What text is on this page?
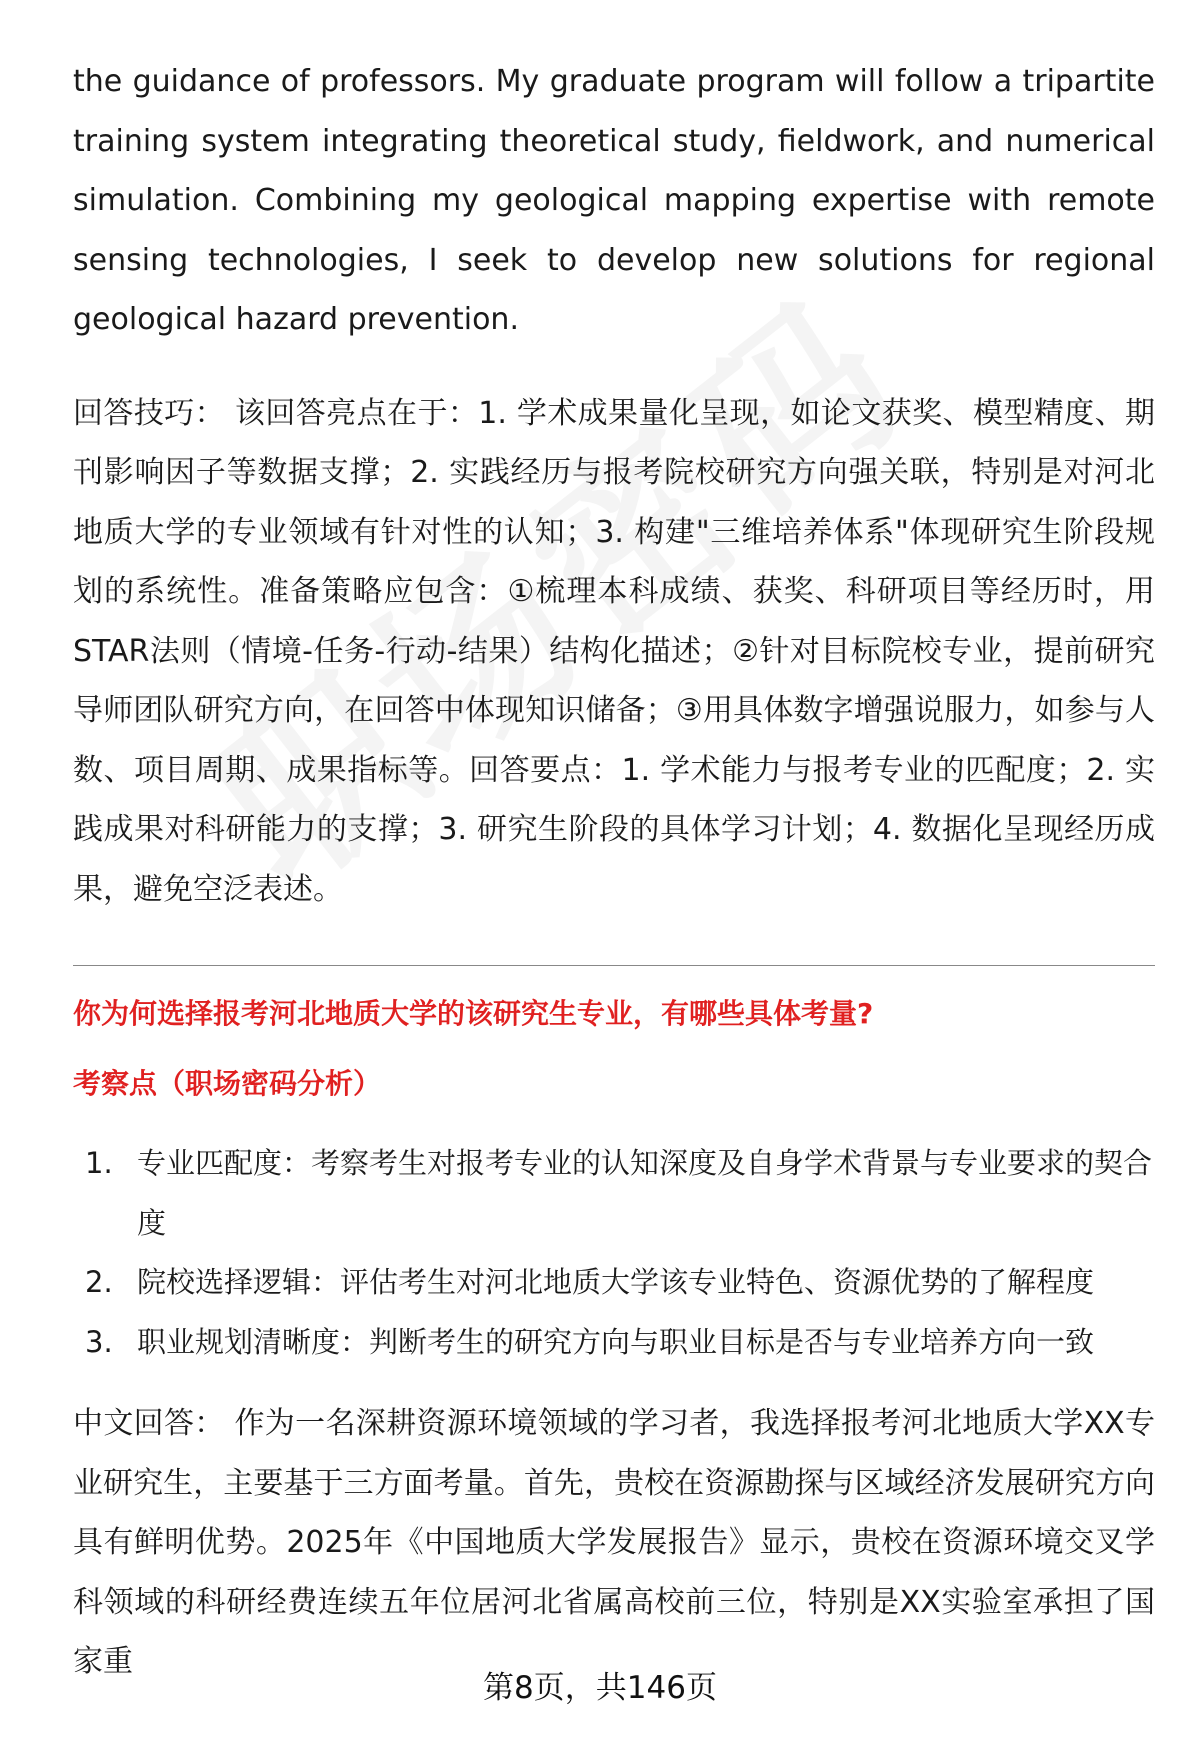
the guidance of professors. My graduate program will follow a tripartite training system integrating theoretical study, fieldwork, and numerical simulation. Combining my geological mapping expertise with remote sensing technologies, I seek to develop new solutions for regional geological hazard prevention.

回答技巧： 该回答亮点在于：1. 学术成果量化呈现，如论文获奖、模型精度、期刊影响因子等数据支撑；2. 实践经历与报考院校研究方向强关联，特别是对河北地质大学的专业领域有针对性的认知；3. 构建"三维培养体系"体现研究生阶段规划的系统性。准备策略应包含：①梳理本科成绩、获奖、科研项目等经历时，用STAR法则（情境-任务-行动-结果）结构化描述；②针对目标院校专业，提前研究导师团队研究方向，在回答中体现知识储备；③用具体数字增强说服力，如参与人数、项目周期、成果指标等。回答要点：1. 学术能力与报考专业的匹配度；2. 实践成果对科研能力的支撑；3. 研究生阶段的具体学习计划；4. 数据化呈现经历成果，避免空泛表述。

你为何选择报考河北地质大学的该研究生专业，有哪些具体考量?

考察点（职场密码分析）

1. 专业匹配度：考察考生对报考专业的认知深度及自身学术背景与专业要求的契合度
2. 院校选择逻辑：评估考生对河北地质大学该专业特色、资源优势的了解程度
3. 职业规划清晰度：判断考生的研究方向与职业目标是否与专业培养方向一致

中文回答： 作为一名深耕资源环境领域的学习者，我选择报考河北地质大学XX专业研究生，主要基于三方面考量。首先，贵校在资源勘探与区域经济发展研究方向具有鲜明优势。2025年《中国地质大学发展报告》显示，贵校在资源环境交叉学科领域的科研经费连续五年位居河北省属高校前三位，特别是XX实验室承担了国家重

第8页，共146页
